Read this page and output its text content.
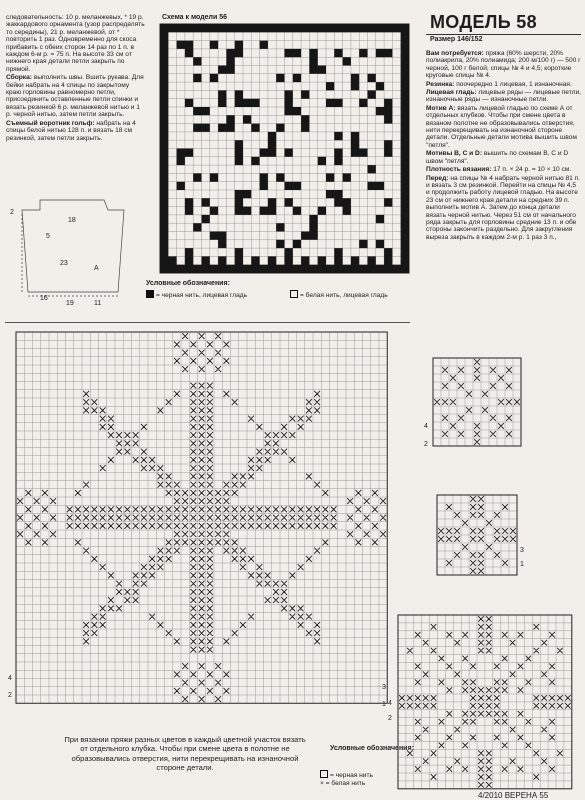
следовательность: 10 р. меланжевых, * 19 р. жаккардового орнамента (узор распределять то середины), 21 р. меланжевой, от * повторить 1 раз. Одновременно для скоса прибавить с обеих сторон 14 раз по 1 п. в каждом 6-м р. = 75 п. На высоте 33 см от нижнего края детали петли закрыть по прямой.

Сборка: выполнить швы. Вшить рукава. Для бейки набрать на 4 спицы по закрытому краю горловины равномерно петли, присоединить оставленные петли спинки и вязать резинкой 6 р. меланжевой нитью и 1 р. черной нитью, затем петли закрыть.

Съемный воротник гольф: набрать на 4 спицы белой нитью 128 п. и вязать 18 см резинкой, затем петли закрыть.

МОДЕЛЬ 58
Размер 146/152

Вам потребуется: пряжа (60% шерсти, 20% полиакрила, 20% полиамида; 200 м/100 г) — 500 г черной, 100 г белой; спицы № 4 и 4,5; короткие круговые спицы № 4.

Резинка: поочередно 1 лицевая, 1 изнаночная.

Лицевая гладь: лицевые ряды — лицевые петли, изнаночные ряды — изнаночные петли.

Мотив А: вязать лицевой гладью по схеме А от отдельных клубков. Чтобы при смене цвета в вязаном полотне не образовывались отверстия, нити перекрещивать на изнаночной стороне детали. Отдельные детали мотива вышить швом "петля".

Мотивы В, С и D: вышить по схемам В, С и D швом "петля".

Плотность вязания: 17 п. × 24 р. = 10 × 10 см.

Перед: на спицы № 4 набрать черной нитью 81 п. и вязать 3 см резинкой. Перейти на спицы № 4,5 и продолжить работу лицевой гладью. На высоте 23 см от нижнего края детали на средних 39 п. выполнить мотив А. Затем до конца детали вязать черной нитью. Через 51 см от начального ряда закрыть для горловины средние 13 п. и обе стороны закончить раздельно. Для закругления выреза закрыть в каждом 2-м р. 1 раз 3 п.,

Схема к модели 56
Условные обозначения:
= черная нить, лицевая гладь	= белая нить, лицевая гладь
При вязании пряжи разных цветов в каждый цветной участок вязать от отдельного клубка. Чтобы при смене цвета в полотне не образовывались отверстия, нити перекрещивать на изнаночной стороне детали.
Условные обозначения:
= черная нить
× = белая нить
4/2010 ВЕРЕНА 55
2
18
5
23
19	11
16
A
3
1
4
2
3
1
4
2
3
1
4
2
